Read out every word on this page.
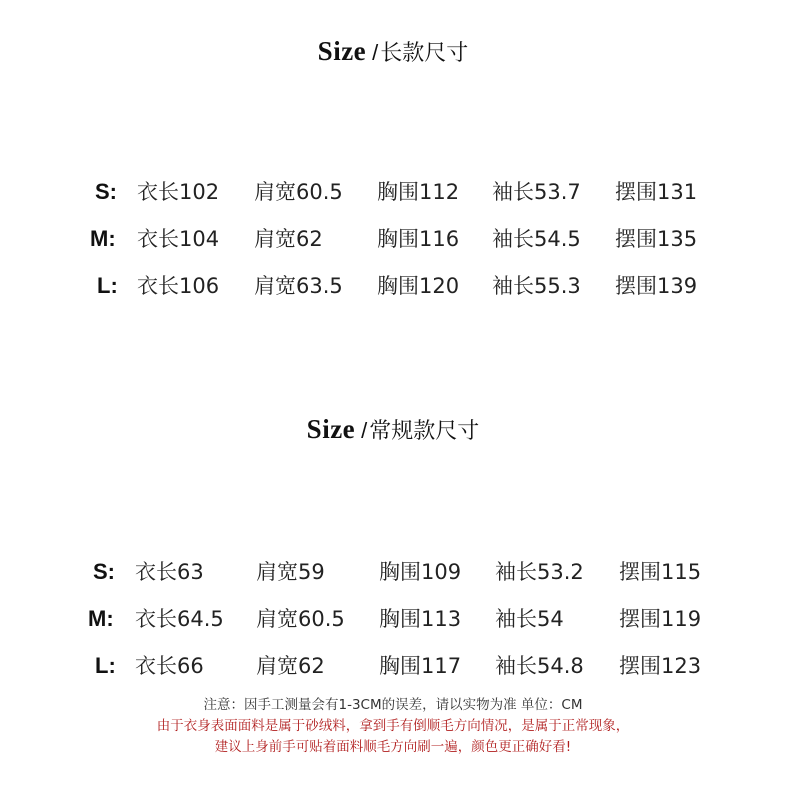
Size /长款尺寸
S: 衣长102 肩宽60.5 胸围112 袖长53.7 摆围131
M: 衣长104 肩宽62	胸围116 袖长54.5 摆围135
L: 衣长106 肩宽63.5 胸围120 袖长55.3 摆围139
Size /常规款尺寸
S: 衣长63 肩宽59	胸围109 袖长53.2 摆围115
M: 衣长64.5 肩宽60.5 胸围113 袖长54	摆围119
L: 衣长66 肩宽62	胸围117 袖长54.8 摆围123
注意：因手工测量会有1-3CM的误差，请以实物为准 单位：CM
由于衣身表面面料是属于砂绒料，拿到手有倒顺毛方向情况，是属于正常现象，
建议上身前手可贴着面料顺毛方向刷一遍，颜色更正确好看!
